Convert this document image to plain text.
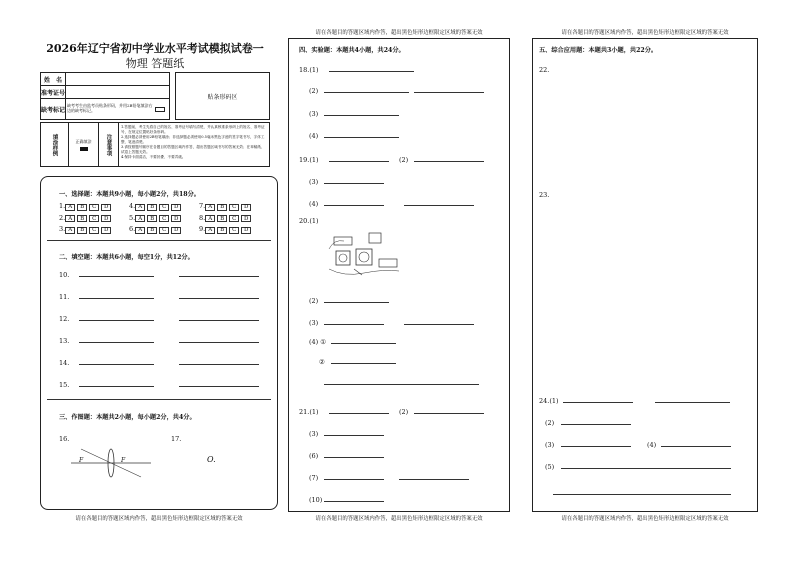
2026年辽宁省初中学业水平考试模拟试卷一
物理 答题纸
姓　名
准考证号
缺考标记
缺考考生由监考员贴条形码，并用2B铅笔填涂右边的缺考标记。
贴条形码区
填涂样例	正确填涂	注意事项
1.答题前，考生先将自己的姓名、准考证号填写清楚，并认真核准条形码上的姓名、准考证号，在规定位置贴好条形码。
2.选择题必须使用2B铅笔填涂；非选择题必须使用0.5毫米黑色字迹的签字笔书写，字体工整、笔迹清楚。
3.请按照题号顺序在各题目的答题区域内作答，超出答题区域书写的答案无效；在草稿纸、试卷上答题无效。
4.保持卡面清洁，不要折叠、不要弄破。
一、选择题：本题共9小题，每小题2分，共18分。
1. A B C D	4. A B C D	7. A B C D
2. A B C D	5. A B C D	8. A B C D
3. A B C D	6. A B C D	9. A B C D
二、填空题：本题共6小题，每空1分，共12分。
10.
11.
12.
13.
14.
15.
三、作图题：本题共2小题，每小题2分，共4分。
16.	17.
F	F	O.
请在各题目的答题区域内作答，超出黑色矩形边框限定区域的答案无效
请在各题目的答题区域内作答，超出黑色矩形边框限定区域的答案无效
四、实验题：本题共4小题，共24分。
18.(1)
(2)
(3)
(4)
19.(1)	(2)
(3)
(4)
20.(1)
(2)
(3)
(4) ①
②
21.(1)	(2)
(3)
(6)
(7)
(10)
请在各题目的答题区域内作答，超出黑色矩形边框限定区域的答案无效
请在各题目的答题区域内作答，超出黑色矩形边框限定区域的答案无效
五、综合应用题：本题共3小题，共22分。
22.
23.
24.(1)
(2)
(3)	(4)
(5)
请在各题目的答题区域内作答，超出黑色矩形边框限定区域的答案无效
